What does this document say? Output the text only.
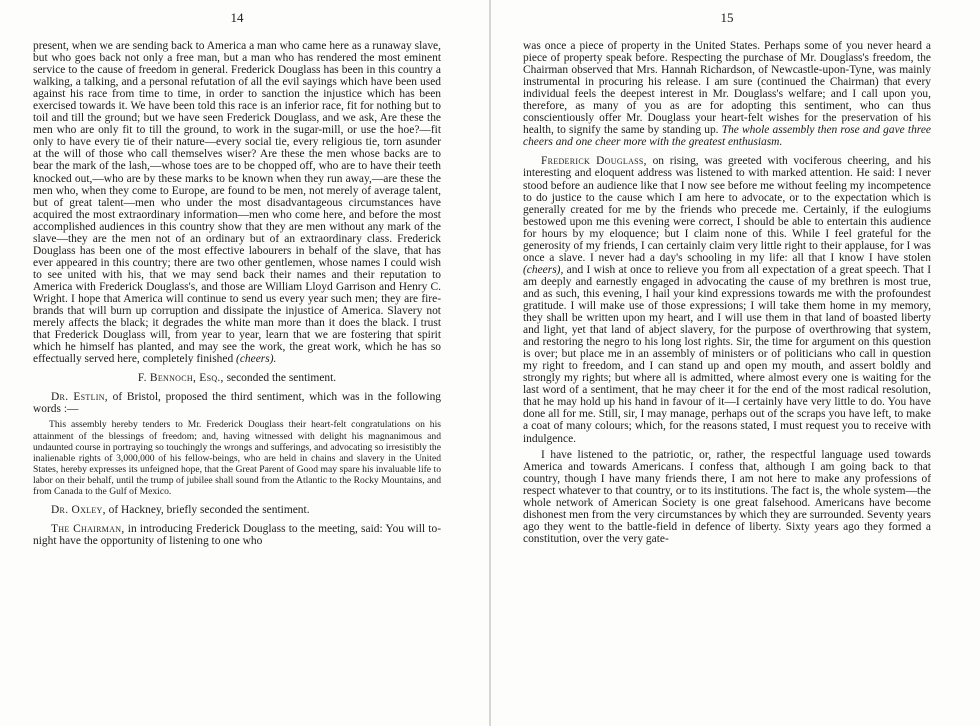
14

present, when we are sending back to America a man who came here as a runaway slave, but who goes back not only a free man, but a man who has rendered the most eminent service to the cause of freedom in general. Frederick Douglass has been in this country a walking, a talking, and a personal refutation of all the evil sayings which have been used against his race from time to time, in order to sanction the injustice which has been exercised towards it. We have been told this race is an inferior race, fit for nothing but to toil and till the ground; but we have seen Frederick Douglass, and we ask, Are these the men who are only fit to till the ground, to work in the sugar-mill, or use the hoe?—fit only to have every tie of their nature—every social tie, every religious tie, torn asunder at the will of those who call themselves wiser? Are these the men whose backs are to bear the mark of the lash,—whose toes are to be chopped off, who are to have their teeth knocked out,—who are by these marks to be known when they run away,—are these the men who, when they come to Europe, are found to be men, not merely of average talent, but of great talent—men who under the most disadvantageous circumstances have acquired the most extraordinary information—men who come here, and before the most accomplished audiences in this country show that they are men without any mark of the slave—they are the men not of an ordinary but of an extraordinary class. Frederick Douglass has been one of the most effective labourers in behalf of the slave, that has ever appeared in this country; there are two other gentlemen, whose names I could wish to see united with his, that we may send back their names and their reputation to America with Frederick Douglass's, and those are William Lloyd Garrison and Henry C. Wright. I hope that America will continue to send us every year such men; they are fire-brands that will burn up corruption and dissipate the injustice of America. Slavery not merely affects the black; it degrades the white man more than it does the black. I trust that Frederick Douglass will, from year to year, learn that we are fostering that spirit which he himself has planted, and may see the work, the great work, which he has so effectually served here, completely finished (cheers).

F. Bennoch, Esq., seconded the sentiment.

Dr. Estlin, of Bristol, proposed the third sentiment, which was in the following words :—

This assembly hereby tenders to Mr. Frederick Douglass their heart-felt congratulations on his attainment of the blessings of freedom; and, having witnessed with delight his magnanimous and undaunted course in portraying so touchingly the wrongs and sufferings, and advocating so irresistibly the inalienable rights of 3,000,000 of his fellow-beings, who are held in chains and slavery in the United States, hereby expresses its unfeigned hope, that the Great Parent of Good may spare his invaluable life to labor on their behalf, until the trump of jubilee shall sound from the Atlantic to the Rocky Mountains, and from Canada to the Gulf of Mexico.

Dr. Oxley, of Hackney, briefly seconded the sentiment.

The Chairman, in introducing Frederick Douglass to the meeting, said: You will to-night have the opportunity of listening to one who

15

was once a piece of property in the United States. Perhaps some of you never heard a piece of property speak before. Respecting the purchase of Mr. Douglass's freedom, the Chairman observed that Mrs. Hannah Richardson, of Newcastle-upon-Tyne, was mainly instrumental in procuring his release. I am sure (continued the Chairman) that every individual feels the deepest interest in Mr. Douglass's welfare; and I call upon you, therefore, as many of you as are for adopting this sentiment, who can thus conscientiously offer Mr. Douglass your heart-felt wishes for the preservation of his health, to signify the same by standing up. The whole assembly then rose and gave three cheers and one cheer more with the greatest enthusiasm.

Frederick Douglass, on rising, was greeted with vociferous cheering, and his interesting and eloquent address was listened to with marked attention. He said: I never stood before an audience like that I now see before me without feeling my incompetence to do justice to the cause which I am here to advocate, or to the expectation which is generally created for me by the friends who precede me. Certainly, if the eulogiums bestowed upon me this evening were correct, I should be able to entertain this audience for hours by my eloquence; but I claim none of this. While I feel grateful for the generosity of my friends, I can certainly claim very little right to their applause, for I was once a slave. I never had a day's schooling in my life: all that I know I have stolen (cheers), and I wish at once to relieve you from all expectation of a great speech. That I am deeply and earnestly engaged in advocating the cause of my brethren is most true, and as such, this evening, I hail your kind expressions towards me with the profoundest gratitude. I will make use of those expressions; I will take them home in my memory, they shall be written upon my heart, and I will use them in that land of boasted liberty and light, yet that land of abject slavery, for the purpose of overthrowing that system, and restoring the negro to his long lost rights. Sir, the time for argument on this question is over; but place me in an assembly of ministers or of politicians who call in question my right to freedom, and I can stand up and open my mouth, and assert boldly and strongly my rights; but where all is admitted, where almost every one is waiting for the last word of a sentiment, that he may cheer it for the end of the most radical resolution, that he may hold up his hand in favour of it—I certainly have very little to do. You have done all for me. Still, sir, I may manage, perhaps out of the scraps you have left, to make a coat of many colours; which, for the reasons stated, I must request you to receive with indulgence.

I have listened to the patriotic, or, rather, the respectful language used towards America and towards Americans. I confess that, although I am going back to that country, though I have many friends there, I am not here to make any professions of respect whatever to that country, or to its institutions. The fact is, the whole system—the whole network of American Society is one great falsehood. Americans have become dishonest men from the very circumstances by which they are surrounded. Seventy years ago they went to the battle-field in defence of liberty. Sixty years ago they formed a constitution, over the very gate-
